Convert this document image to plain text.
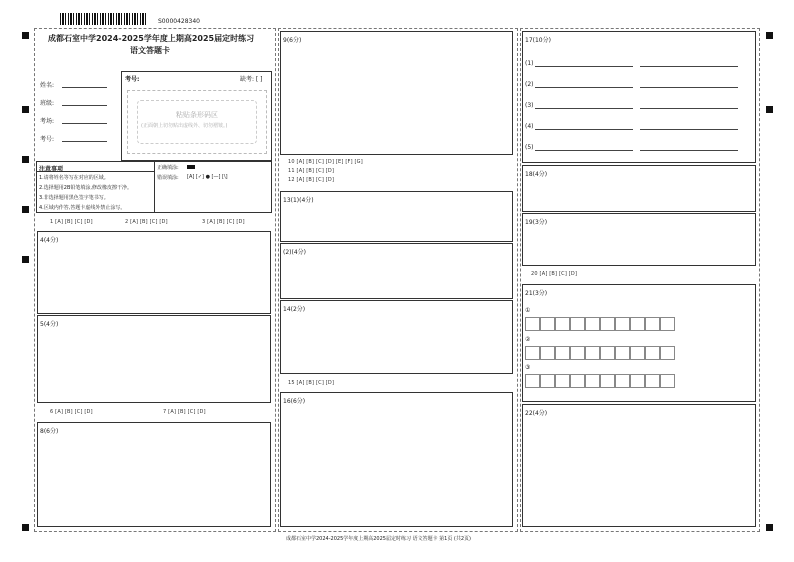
S0000428340
成都石室中学2024-2025学年度上期高2025届定时练习
语文答题卡
姓名:
班级:
考场:
考号:
考号:	缺考: [ ]
粘贴条形码区
(正面朝上切勿贴出虚线外、切勿褶皱。)
注意事项
1.请将姓名等写在对应的区域。
2.选择题用2B铅笔填涂,修改橡皮擦干净。
3.非选择题用黑色签字笔书写。
4.区域内作答,答题卡虚线外禁止涂写。
正确填涂:
错误填涂: [A] [✓] ● [—] [\]
1 [A] [B] [C] [D]	2 [A] [B] [C] [D]	3 [A] [B] [C] [D]
4(4分)
5(4分)
6 [A] [B] [C] [D]	7 [A] [B] [C] [D]
8(6分)
9(6分)
10 [A] [B] [C] [D] [E] [F] [G]
11 [A] [B] [C] [D]
12 [A] [B] [C] [D]
13(1)(4分)
(2)(4分)
14(2分)
15 [A] [B] [C] [D]
16(6分)
17(10分)
(1)
(2)
(3)
(4)
(5)
18(4分)
19(3分)
20 [A] [B] [C] [D]
21(3分)
①
②
③
22(4分)
成都石室中学2024-2025学年度上期高2025届定时练习 语文答题卡 第1页 (共2页)
